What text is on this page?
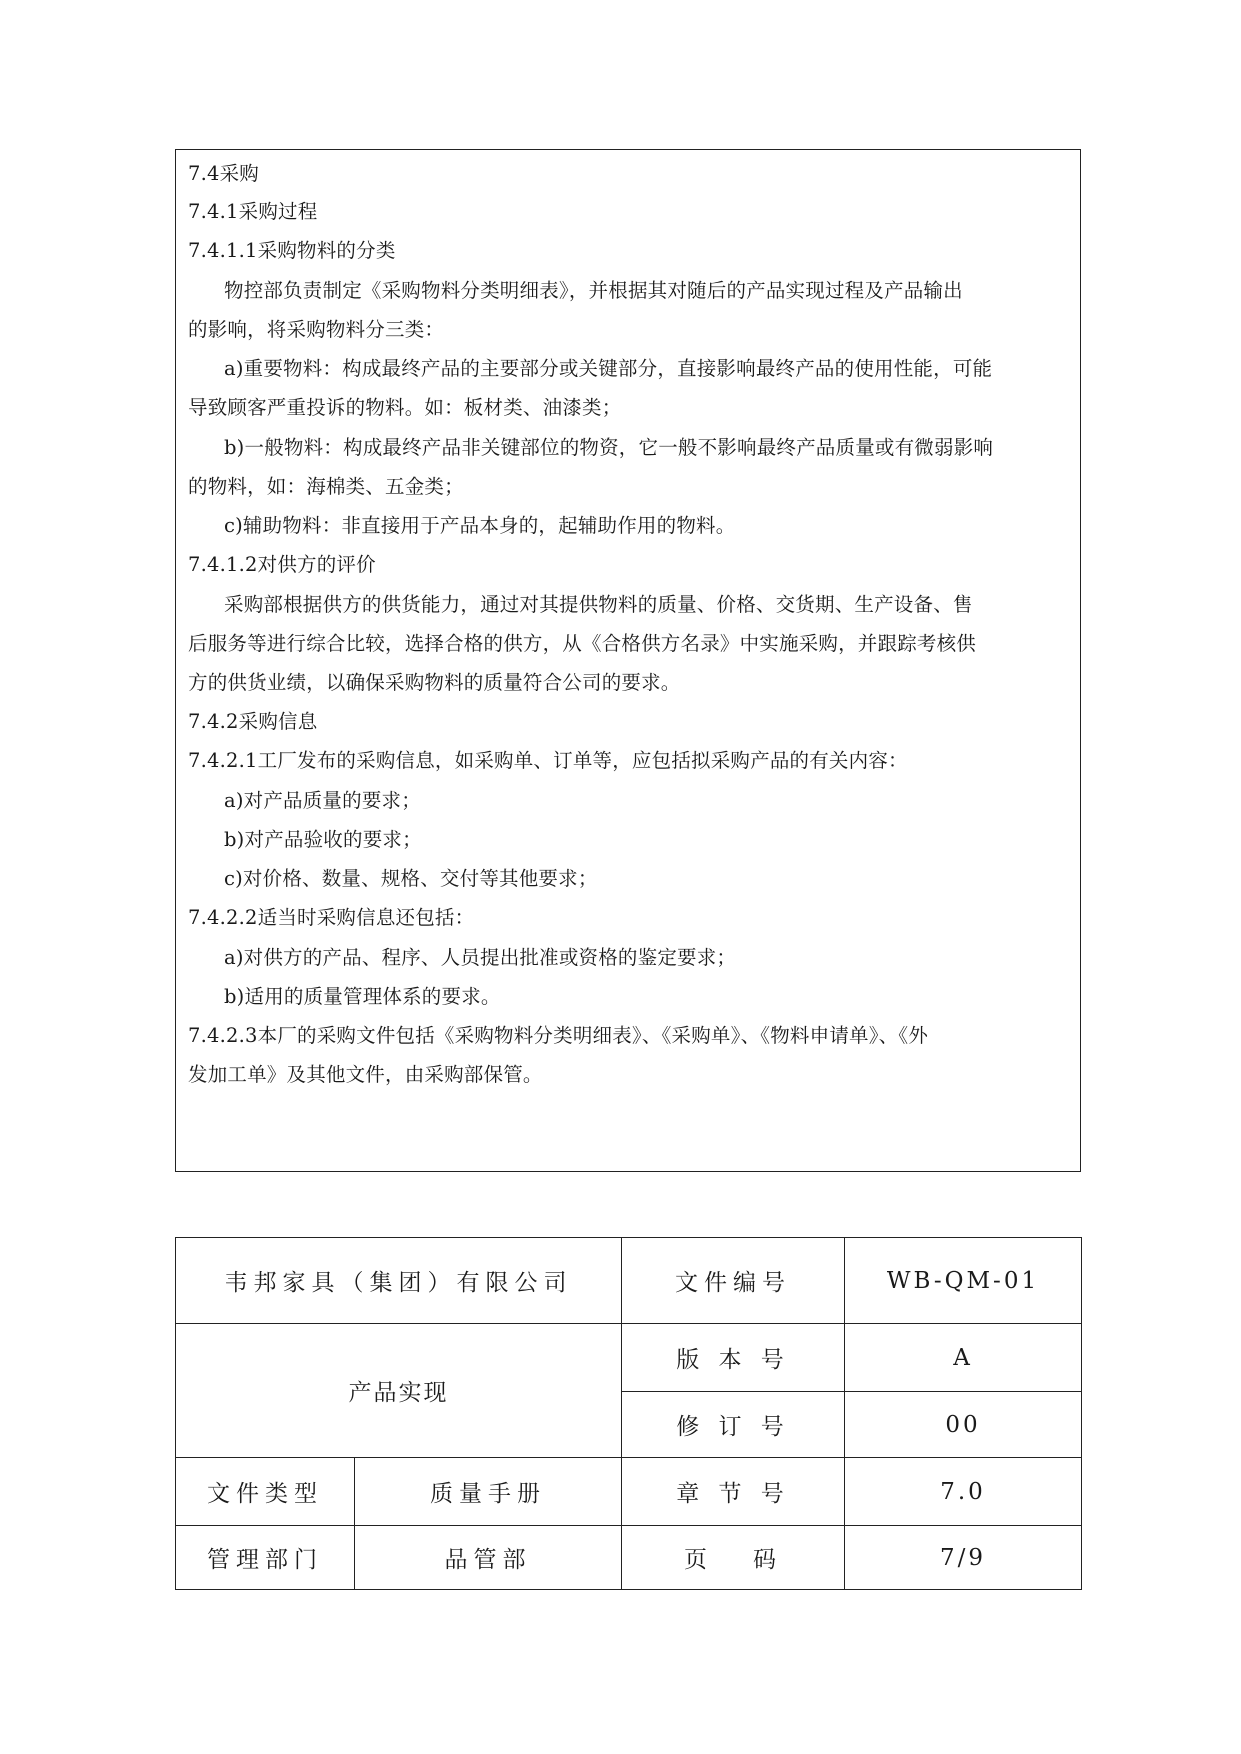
7.4采购

7.4.1采购过程

7.4.1.1采购物料的分类

物控部负责制定《采购物料分类明细表》，并根据其对随后的产品实现过程及产品输出

的影响，将采购物料分三类：

a)重要物料：构成最终产品的主要部分或关键部分，直接影响最终产品的使用性能，可能

导致顾客严重投诉的物料。如：板材类、油漆类；

b)一般物料：构成最终产品非关键部位的物资，它一般不影响最终产品质量或有微弱影响

的物料，如：海棉类、五金类；

c)辅助物料：非直接用于产品本身的，起辅助作用的物料。

7.4.1.2对供方的评价

采购部根据供方的供货能力，通过对其提供物料的质量、价格、交货期、生产设备、售

后服务等进行综合比较，选择合格的供方，从《合格供方名录》中实施采购，并跟踪考核供

方的供货业绩，以确保采购物料的质量符合公司的要求。

7.4.2采购信息

7.4.2.1工厂发布的采购信息，如采购单、订单等，应包括拟采购产品的有关内容：

a)对产品质量的要求；

b)对产品验收的要求；

c)对价格、数量、规格、交付等其他要求；

7.4.2.2适当时采购信息还包括：

a)对供方的产品、程序、人员提出批准或资格的鉴定要求；

b)适用的质量管理体系的要求。

7.4.2.3本厂的采购文件包括《采购物料分类明细表》、《采购单》、《物料申请单》、《外

发加工单》及其他文件，由采购部保管。

韦邦家具（集团）有限公司		文件编号	WB-QM-01
产品实现		版 本 号	A
		修 订 号	00
文件类型	质量手册	章 节 号	7.0
管理部门	品管部	页   码	7/9
